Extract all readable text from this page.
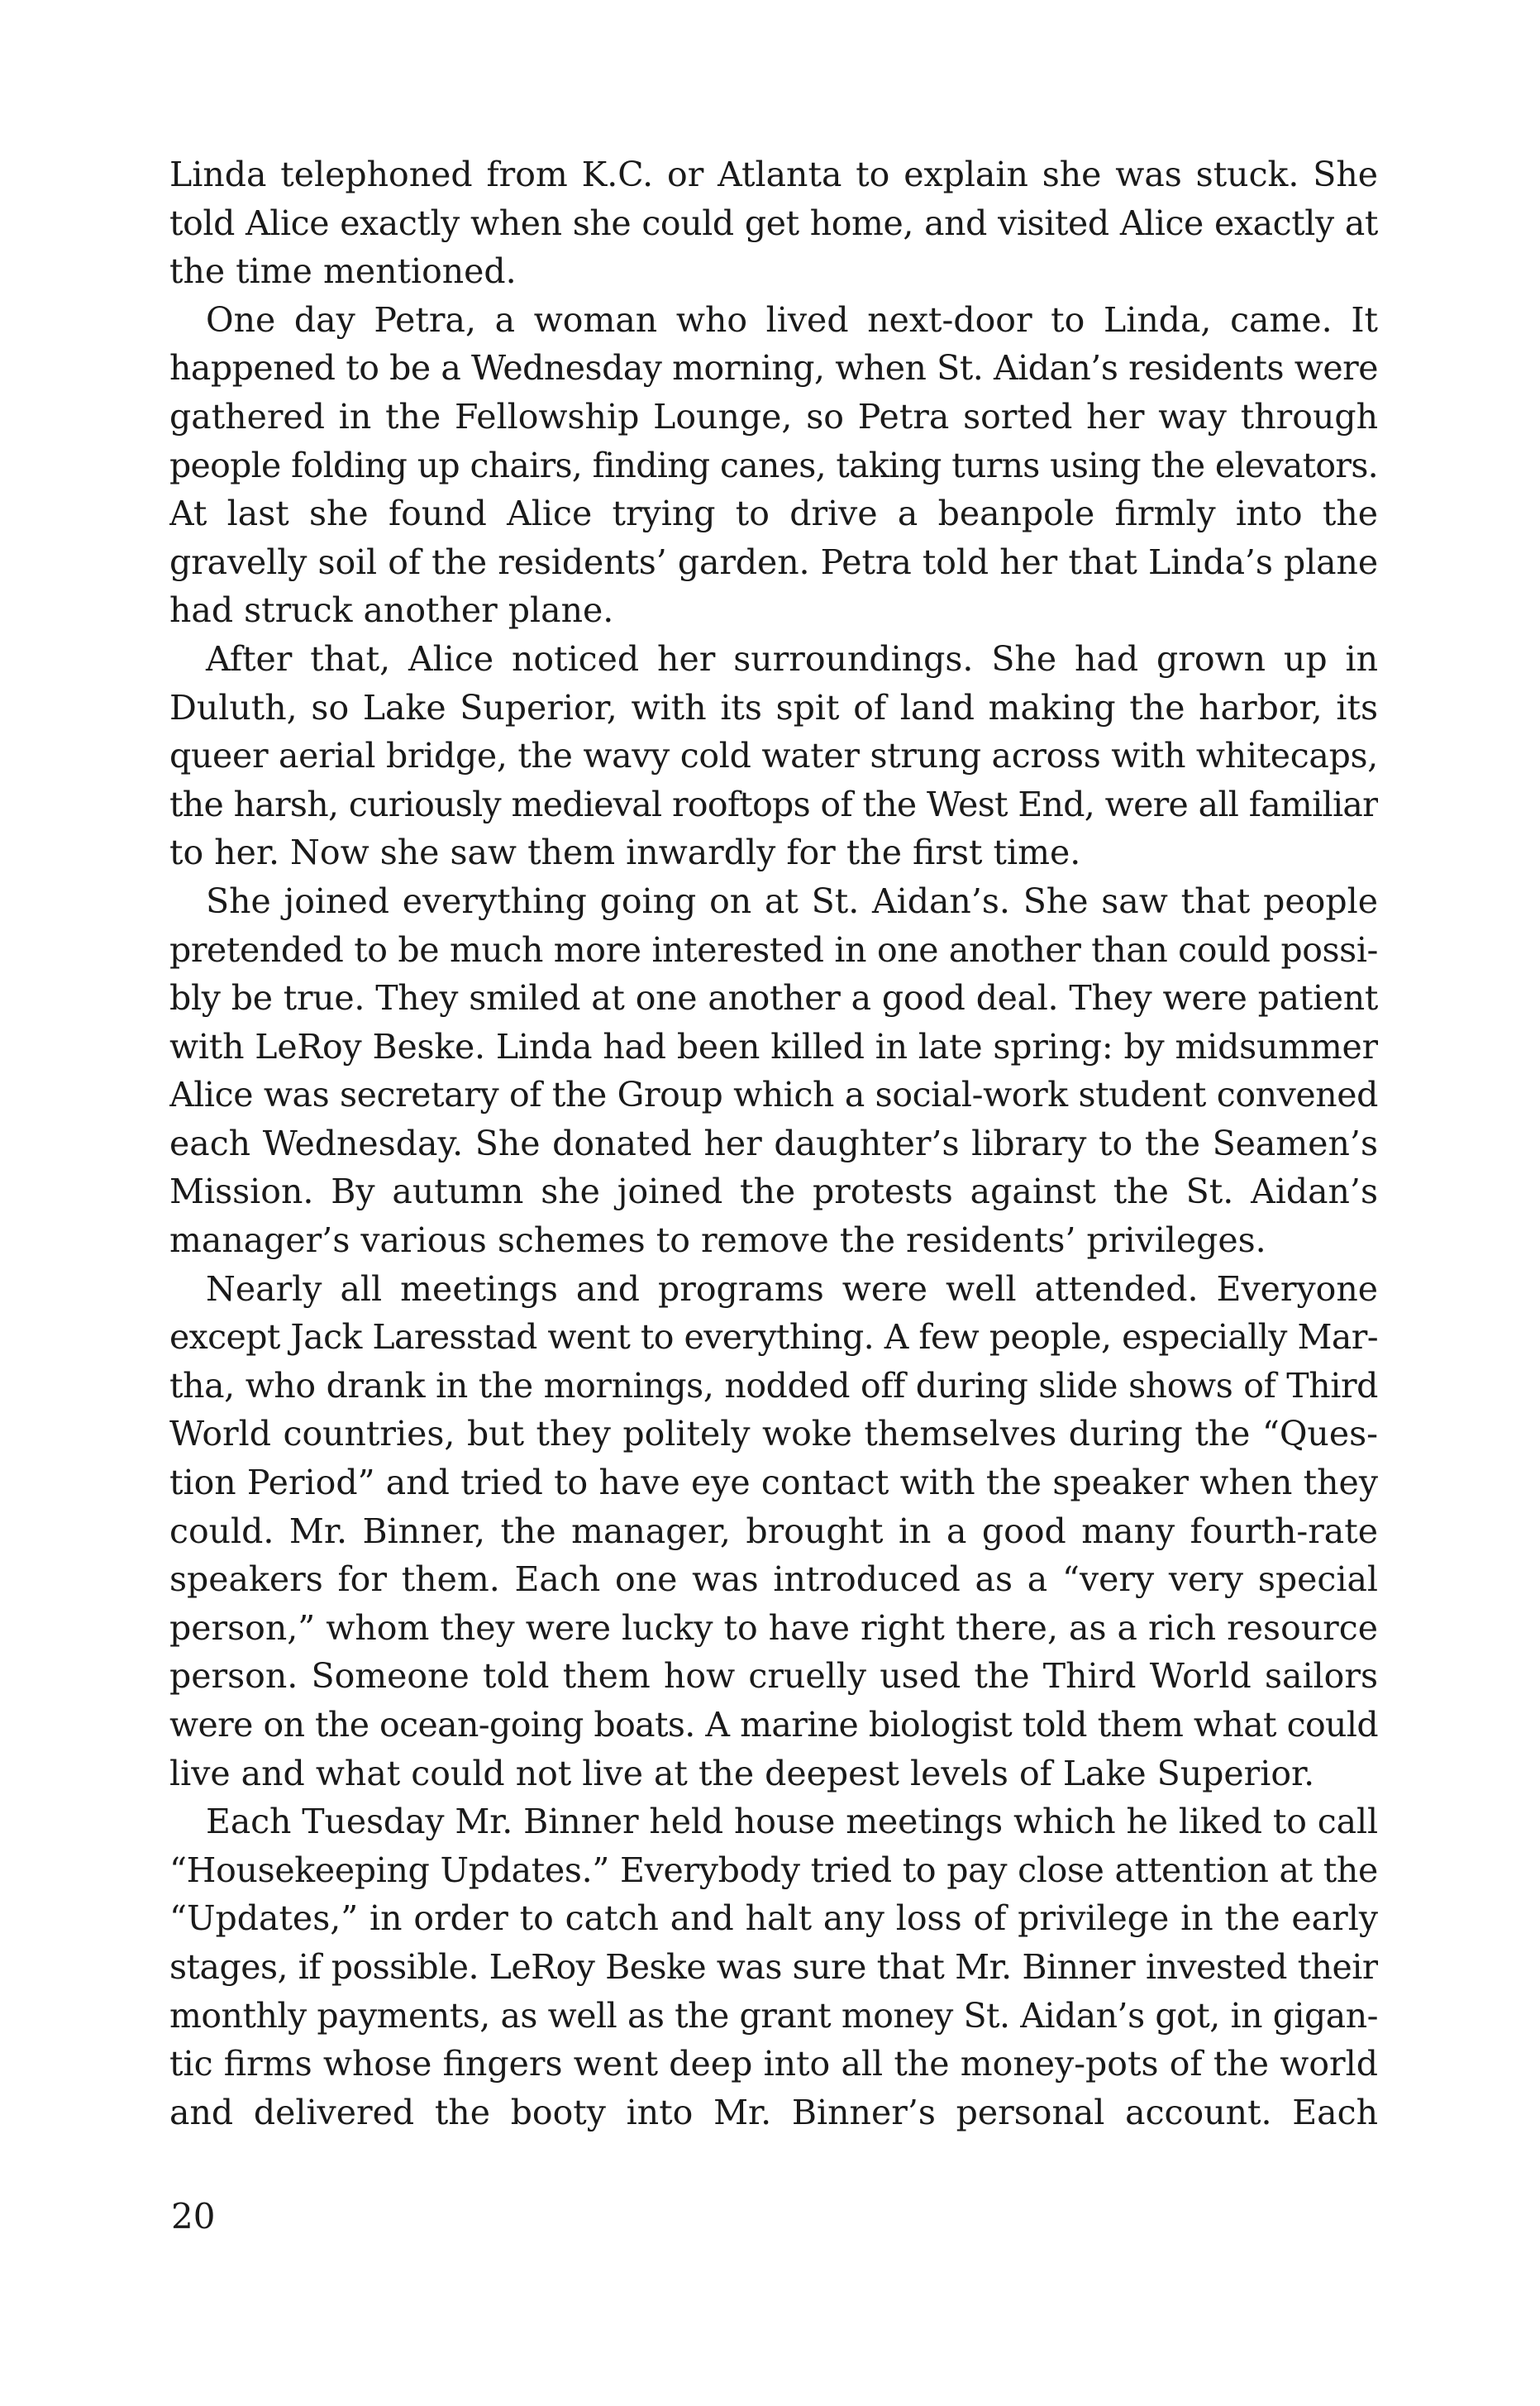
Linda telephoned from K.C. or Atlanta to explain she was stuck. She
told Alice exactly when she could get home, and visited Alice exactly at
the time mentioned.
One day Petra, a woman who lived next-door to Linda, came. It
happened to be a Wednesday morning, when St. Aidan’s residents were
gathered in the Fellowship Lounge, so Petra sorted her way through
people folding up chairs, finding canes, taking turns using the elevators.
At last she found Alice trying to drive a beanpole firmly into the
gravelly soil of the residents’ garden. Petra told her that Linda’s plane
had struck another plane.
After that, Alice noticed her surroundings. She had grown up in
Duluth, so Lake Superior, with its spit of land making the harbor, its
queer aerial bridge, the wavy cold water strung across with whitecaps,
the harsh, curiously medieval rooftops of the West End, were all familiar
to her. Now she saw them inwardly for the first time.
She joined everything going on at St. Aidan’s. She saw that people
pretended to be much more interested in one another than could possi-
bly be true. They smiled at one another a good deal. They were patient
with LeRoy Beske. Linda had been killed in late spring: by midsummer
Alice was secretary of the Group which a social-work student convened
each Wednesday. She donated her daughter’s library to the Seamen’s
Mission. By autumn she joined the protests against the St. Aidan’s
manager’s various schemes to remove the residents’ privileges.
Nearly all meetings and programs were well attended. Everyone
except Jack Laresstad went to everything. A few people, especially Mar-
tha, who drank in the mornings, nodded off during slide shows of Third
World countries, but they politely woke themselves during the “Ques-
tion Period” and tried to have eye contact with the speaker when they
could. Mr. Binner, the manager, brought in a good many fourth-rate
speakers for them. Each one was introduced as a “very very special
person,” whom they were lucky to have right there, as a rich resource
person. Someone told them how cruelly used the Third World sailors
were on the ocean-going boats. A marine biologist told them what could
live and what could not live at the deepest levels of Lake Superior.
Each Tuesday Mr. Binner held house meetings which he liked to call
“Housekeeping Updates.” Everybody tried to pay close attention at the
“Updates,” in order to catch and halt any loss of privilege in the early
stages, if possible. LeRoy Beske was sure that Mr. Binner invested their
monthly payments, as well as the grant money St. Aidan’s got, in gigan-
tic firms whose fingers went deep into all the money-pots of the world
and delivered the booty into Mr. Binner’s personal account. Each
20
